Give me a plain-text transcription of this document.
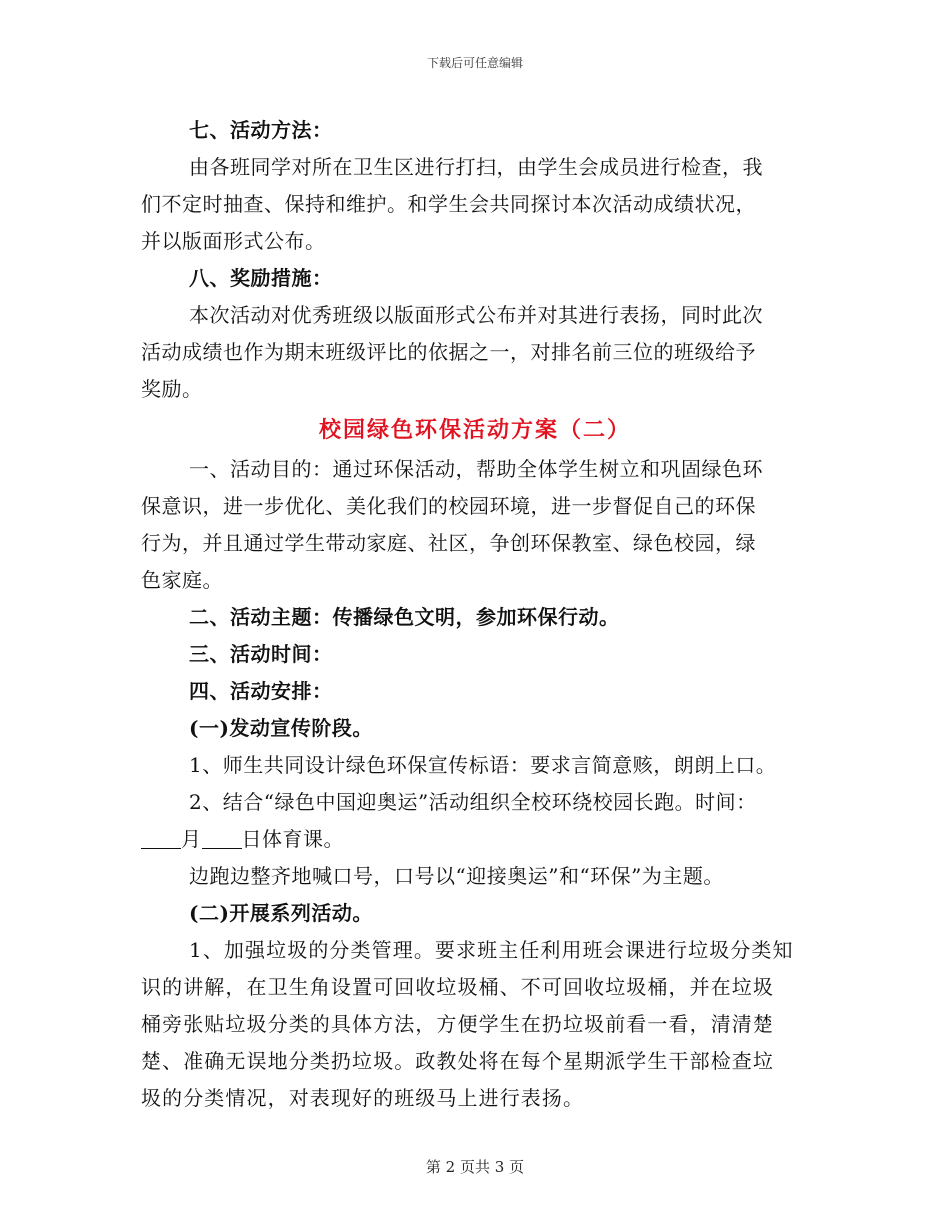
下载后可任意编辑
七、活动方法：
由各班同学对所在卫生区进行打扫，由学生会成员进行检查，我
们不定时抽查、保持和维护。和学生会共同探讨本次活动成绩状况，
并以版面形式公布。
八、奖励措施：
本次活动对优秀班级以版面形式公布并对其进行表扬，同时此次
活动成绩也作为期末班级评比的依据之一，对排名前三位的班级给予
奖励。
校园绿色环保活动方案（二）
一、活动目的：通过环保活动，帮助全体学生树立和巩固绿色环
保意识，进一步优化、美化我们的校园环境，进一步督促自己的环保
行为，并且通过学生带动家庭、社区，争创环保教室、绿色校园，绿
色家庭。
二、活动主题：传播绿色文明，参加环保行动。
三、活动时间：
四、活动安排：
(一)发动宣传阶段。
1、师生共同设计绿色环保宣传标语：要求言简意赅，朗朗上口。
2、结合“绿色中国迎奥运”活动组织全校环绕校园长跑。时间：
月 日体育课。
边跑边整齐地喊口号，口号以“迎接奥运”和“环保”为主题。
(二)开展系列活动。
1、加强垃圾的分类管理。要求班主任利用班会课进行垃圾分类知
识的讲解，在卫生角设置可回收垃圾桶、不可回收垃圾桶，并在垃圾
桶旁张贴垃圾分类的具体方法，方便学生在扔垃圾前看一看，清清楚
楚、准确无误地分类扔垃圾。政教处将在每个星期派学生干部检查垃
圾的分类情况，对表现好的班级马上进行表扬。
第 2 页共 3 页
